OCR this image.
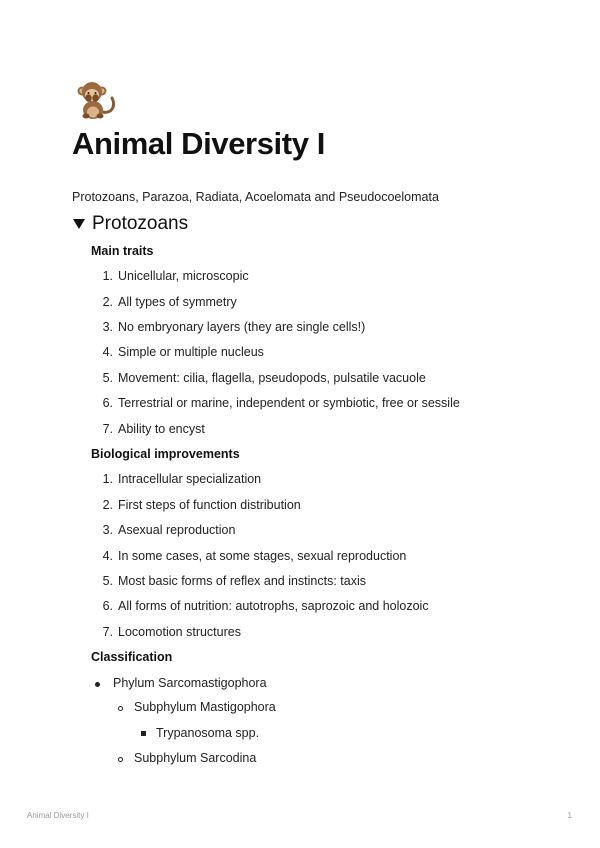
Animal Diversity I
Protozoans, Parazoa, Radiata, Acoelomata and Pseudocoelomata
Protozoans
Main traits
1. Unicellular, microscopic
2. All types of symmetry
3. No embryonary layers (they are single cells!)
4. Simple or multiple nucleus
5. Movement: cilia, flagella, pseudopods, pulsatile vacuole
6. Terrestrial or marine, independent or symbiotic, free or sessile
7. Ability to encyst
Biological improvements
1. Intracellular specialization
2. First steps of function distribution
3. Asexual reproduction
4. In some cases, at some stages, sexual reproduction
5. Most basic forms of reflex and instincts: taxis
6. All forms of nutrition: autotrophs, saprozoic and holozoic
7. Locomotion structures
Classification
Phylum Sarcomastigophora
Subphylum Mastigophora
Trypanosoma spp.
Subphylum Sarcodina
Animal Diversity I	1
